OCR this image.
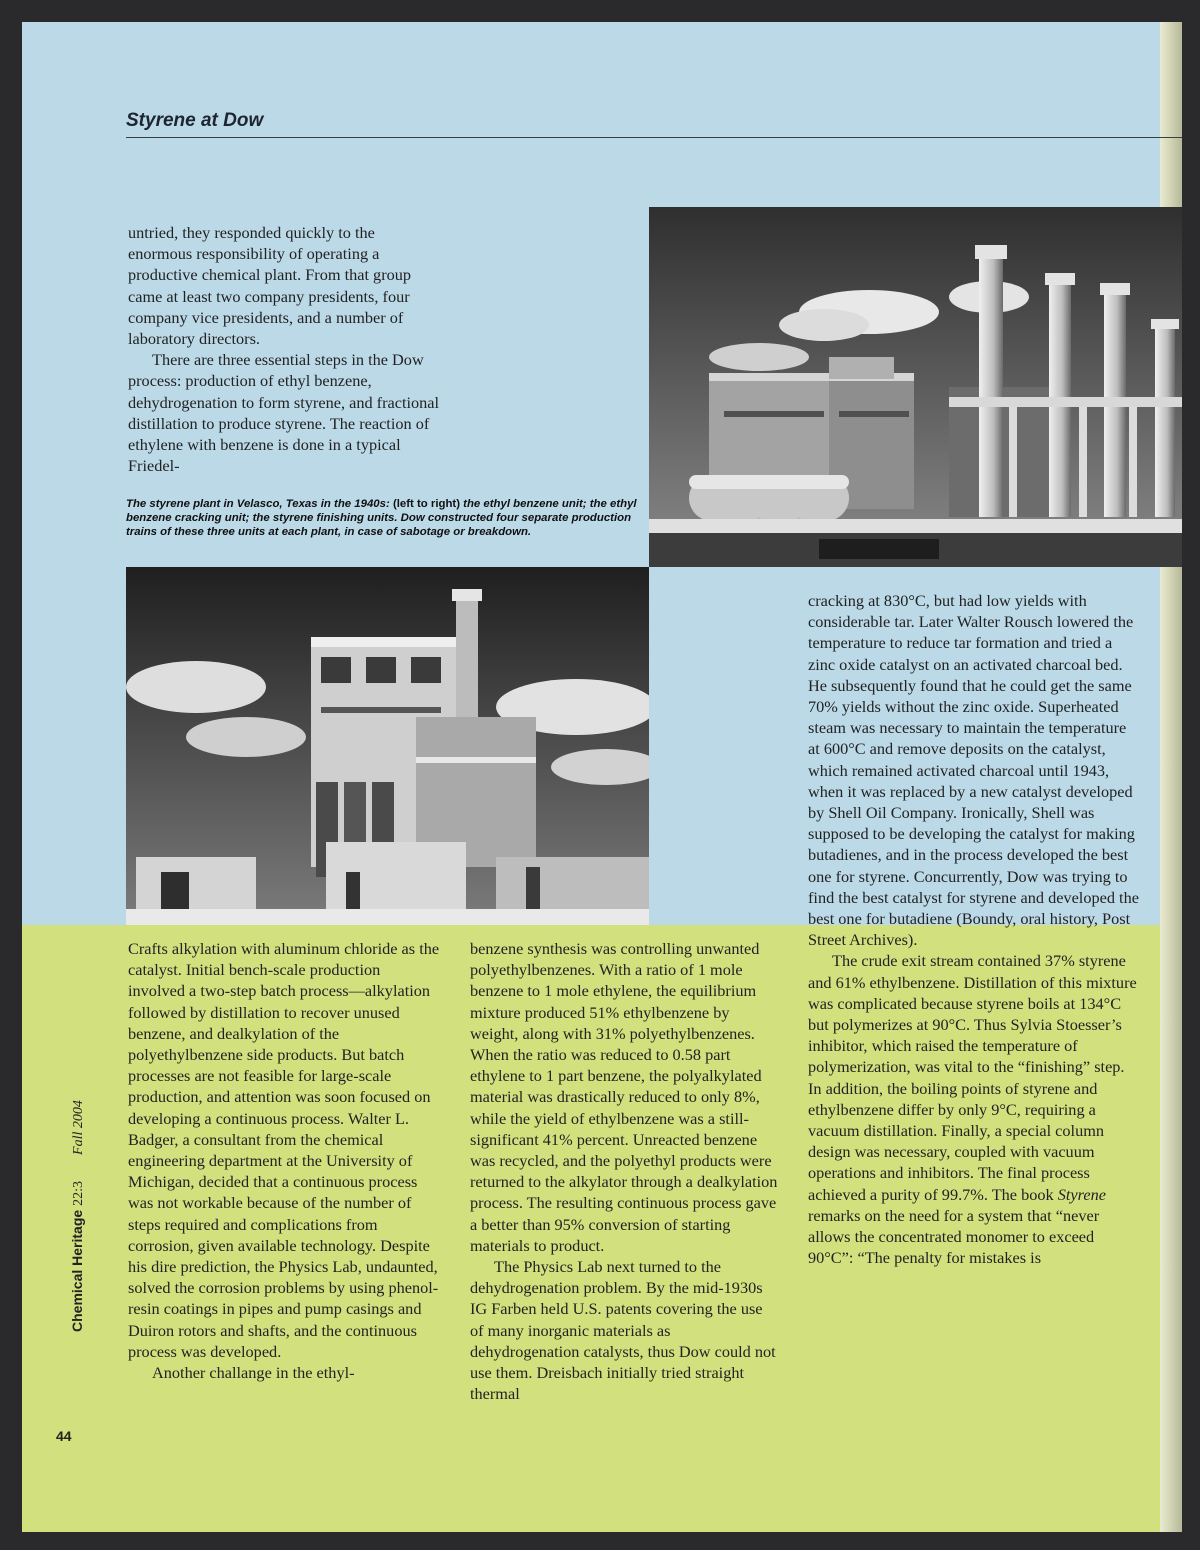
Styrene at Dow

untried, they responded quickly to the enormous responsibility of operating a productive chemical plant. From that group came at least two company presidents, four company vice presidents, and a number of laboratory directors.

There are three essential steps in the Dow process: production of ethyl benzene, dehydrogenation to form styrene, and fractional distillation to produce styrene. The reaction of ethylene with benzene is done in a typical Friedel-

The styrene plant in Velasco, Texas in the 1940s: (left to right) the ethyl benzene unit; the ethyl benzene cracking unit; the styrene finishing units. Dow constructed four separate production trains of these three units at each plant, in case of sabotage or breakdown.

cracking at 830°C, but had low yields with considerable tar. Later Walter Rousch lowered the temperature to reduce tar formation and tried a zinc oxide catalyst on an activated charcoal bed. He subsequently found that he could get the same 70% yields without the zinc oxide. Superheated steam was necessary to maintain the temperature at 600°C and remove deposits on the catalyst, which remained activated charcoal until 1943, when it was replaced by a new catalyst developed by Shell Oil Company. Ironically, Shell was supposed to be developing the catalyst for making butadienes, and in the process developed the best one for styrene. Concurrently, Dow was trying to find the best catalyst for styrene and developed the best one for butadiene (Boundy, oral history, Post Street Archives).

The crude exit stream contained 37% styrene and 61% ethylbenzene. Distillation of this mixture was complicated because styrene boils at 134°C but polymerizes at 90°C. Thus Sylvia Stoesser’s inhibitor, which raised the temperature of polymerization, was vital to the “finishing” step. In addition, the boiling points of styrene and ethylbenzene differ by only 9°C, requiring a vacuum distillation. Finally, a special column design was necessary, coupled with vacuum operations and inhibitors. The final process achieved a purity of 99.7%. The book Styrene remarks on the need for a system that “never allows the concentrated monomer to exceed 90°C”: “The penalty for mistakes is

Crafts alkylation with aluminum chloride as the catalyst. Initial bench-scale production involved a two-step batch process—alkylation followed by distillation to recover unused benzene, and dealkylation of the polyethylbenzene side products. But batch processes are not feasible for large-scale production, and attention was soon focused on developing a continuous process. Walter L. Badger, a consultant from the chemical engineering department at the University of Michigan, decided that a continuous process was not workable because of the number of steps required and complications from corrosion, given available technology. Despite his dire prediction, the Physics Lab, undaunted, solved the corrosion problems by using phenol-resin coatings in pipes and pump casings and Duiron rotors and shafts, and the continuous process was developed.

Another challange in the ethyl-

benzene synthesis was controlling unwanted polyethylbenzenes. With a ratio of 1 mole benzene to 1 mole ethylene, the equilibrium mixture produced 51% ethylbenzene by weight, along with 31% polyethylbenzenes. When the ratio was reduced to 0.58 part ethylene to 1 part benzene, the polyalkylated material was drastically reduced to only 8%, while the yield of ethylbenzene was a still-significant 41% percent. Unreacted benzene was recycled, and the polyethyl products were returned to the alkylator through a dealkylation process. The resulting continuous process gave a better than 95% conversion of starting materials to product.

The Physics Lab next turned to the dehydrogenation problem. By the mid-1930s IG Farben held U.S. patents covering the use of many inorganic materials as dehydrogenation catalysts, thus Dow could not use them. Dreisbach initially tried straight thermal

Chemical Heritage22:3Fall 2004

44
